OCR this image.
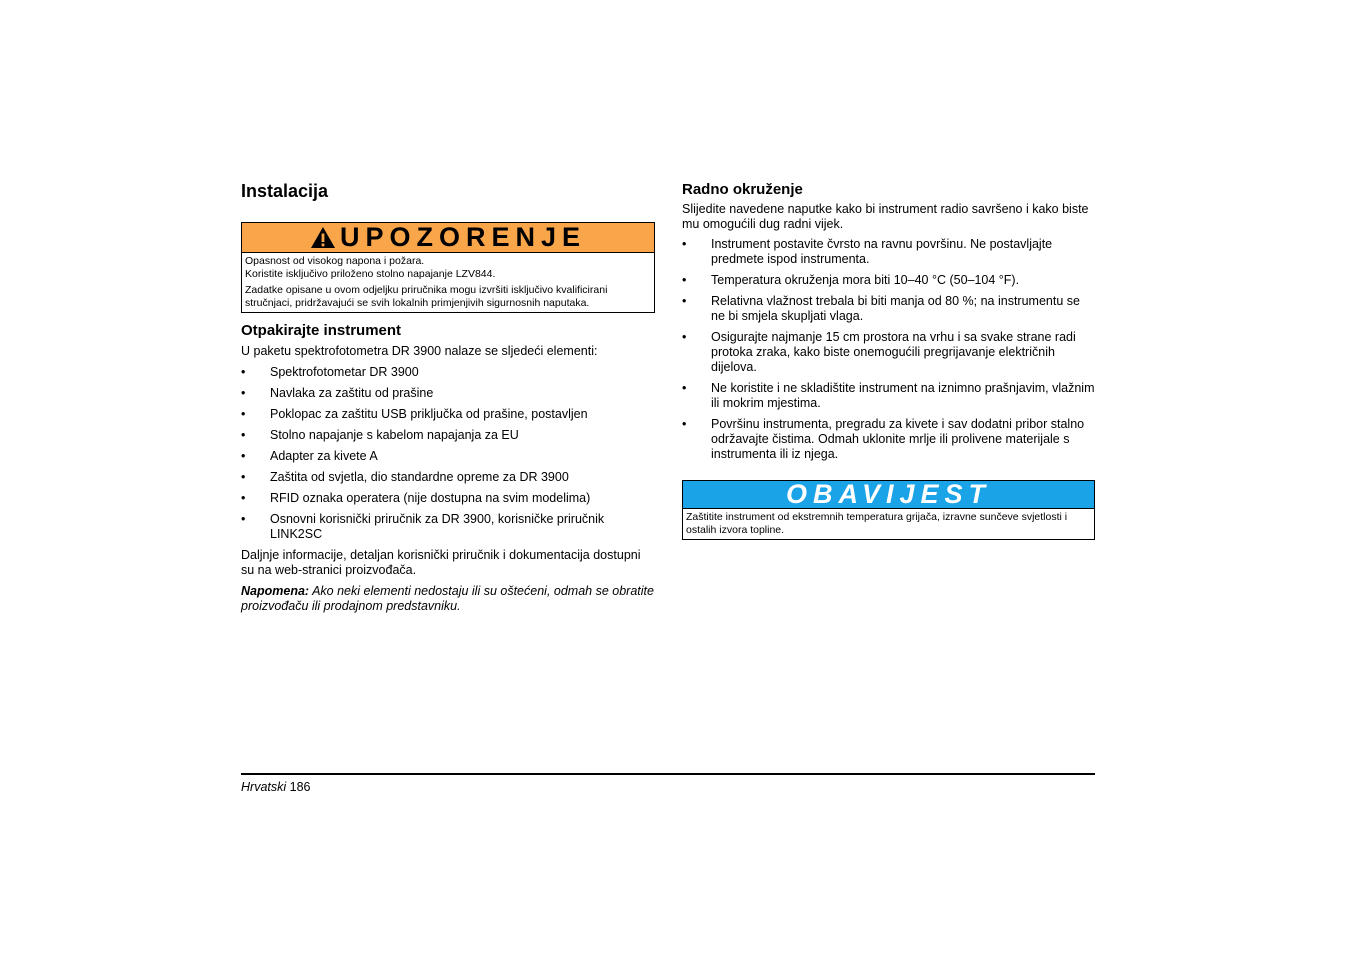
Instalacija
UPOZORENJE

Opasnost od visokog napona i požara.

Koristite isključivo priloženo stolno napajanje LZV844.

Zadatke opisane u ovom odjeljku priručnika mogu izvršiti isključivo kvalificirani stručnjaci, pridržavajući se svih lokalnih primjenjivih sigurnosnih naputaka.

Otpakirajte instrument

U paketu spektrofotometra DR 3900 nalaze se sljedeći elementi:

• Spektrofotometar DR 3900
• Navlaka za zaštitu od prašine
• Poklopac za zaštitu USB priključka od prašine, postavljen
• Stolno napajanje s kabelom napajanja za EU
• Adapter za kivete A
• Zaštita od svjetla, dio standardne opreme za DR 3900
• RFID oznaka operatera (nije dostupna na svim modelima)
• Osnovni korisnički priručnik za DR 3900, korisničke priručnik LINK2SC

Daljnje informacije, detaljan korisnički priručnik i dokumentacija dostupni su na web-stranici proizvođača.

Napomena: Ako neki elementi nedostaju ili su oštećeni, odmah se obratite proizvođaču ili prodajnom predstavniku.

Radno okruženje

Slijedite navedene naputke kako bi instrument radio savršeno i kako biste mu omogućili dug radni vijek.

• Instrument postavite čvrsto na ravnu površinu. Ne postavljajte predmete ispod instrumenta.
• Temperatura okruženja mora biti 10–40 °C (50–104 °F).
• Relativna vlažnost trebala bi biti manja od 80 %; na instrumentu se ne bi smjela skupljati vlaga.
• Osigurajte najmanje 15 cm prostora na vrhu i sa svake strane radi protoka zraka, kako biste onemogućili pregrijavanje električnih dijelova.
• Ne koristite i ne skladištite instrument na iznimno prašnjavim, vlažnim ili mokrim mjestima.
• Površinu instrumenta, pregradu za kivete i sav dodatni pribor stalno održavajte čistima. Odmah uklonite mrlje ili prolivene materijale s instrumenta ili iz njega.
OBAVIJEST
Zaštitite instrument od ekstremnih temperatura grijača, izravne sunčeve svjetlosti i ostalih izvora topline.
Hrvatski 186
